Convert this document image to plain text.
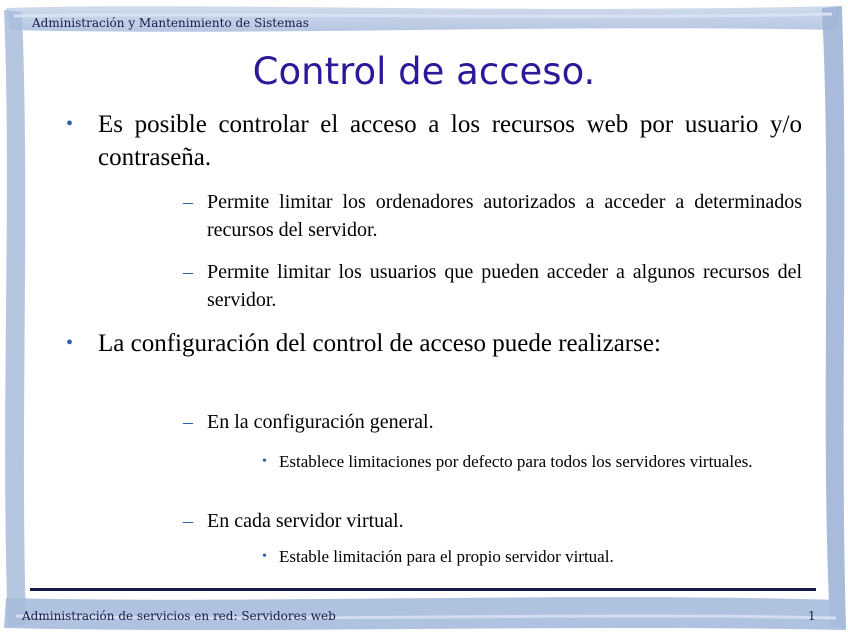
Administración y Mantenimiento de Sistemas
Control de acceso.
• Es posible controlar el acceso a los recursos web por usuario y/o contraseña.
– Permite limitar los ordenadores autorizados a acceder a determinados recursos del servidor.
– Permite limitar los usuarios que pueden acceder a algunos recursos del servidor.
• La configuración del control de acceso puede realizarse:
– En la configuración general.
• Establece limitaciones por defecto para todos los servidores virtuales.
– En cada servidor virtual.
• Estable limitación para el propio servidor virtual.
Administración de servicios en red: Servidores web	1
